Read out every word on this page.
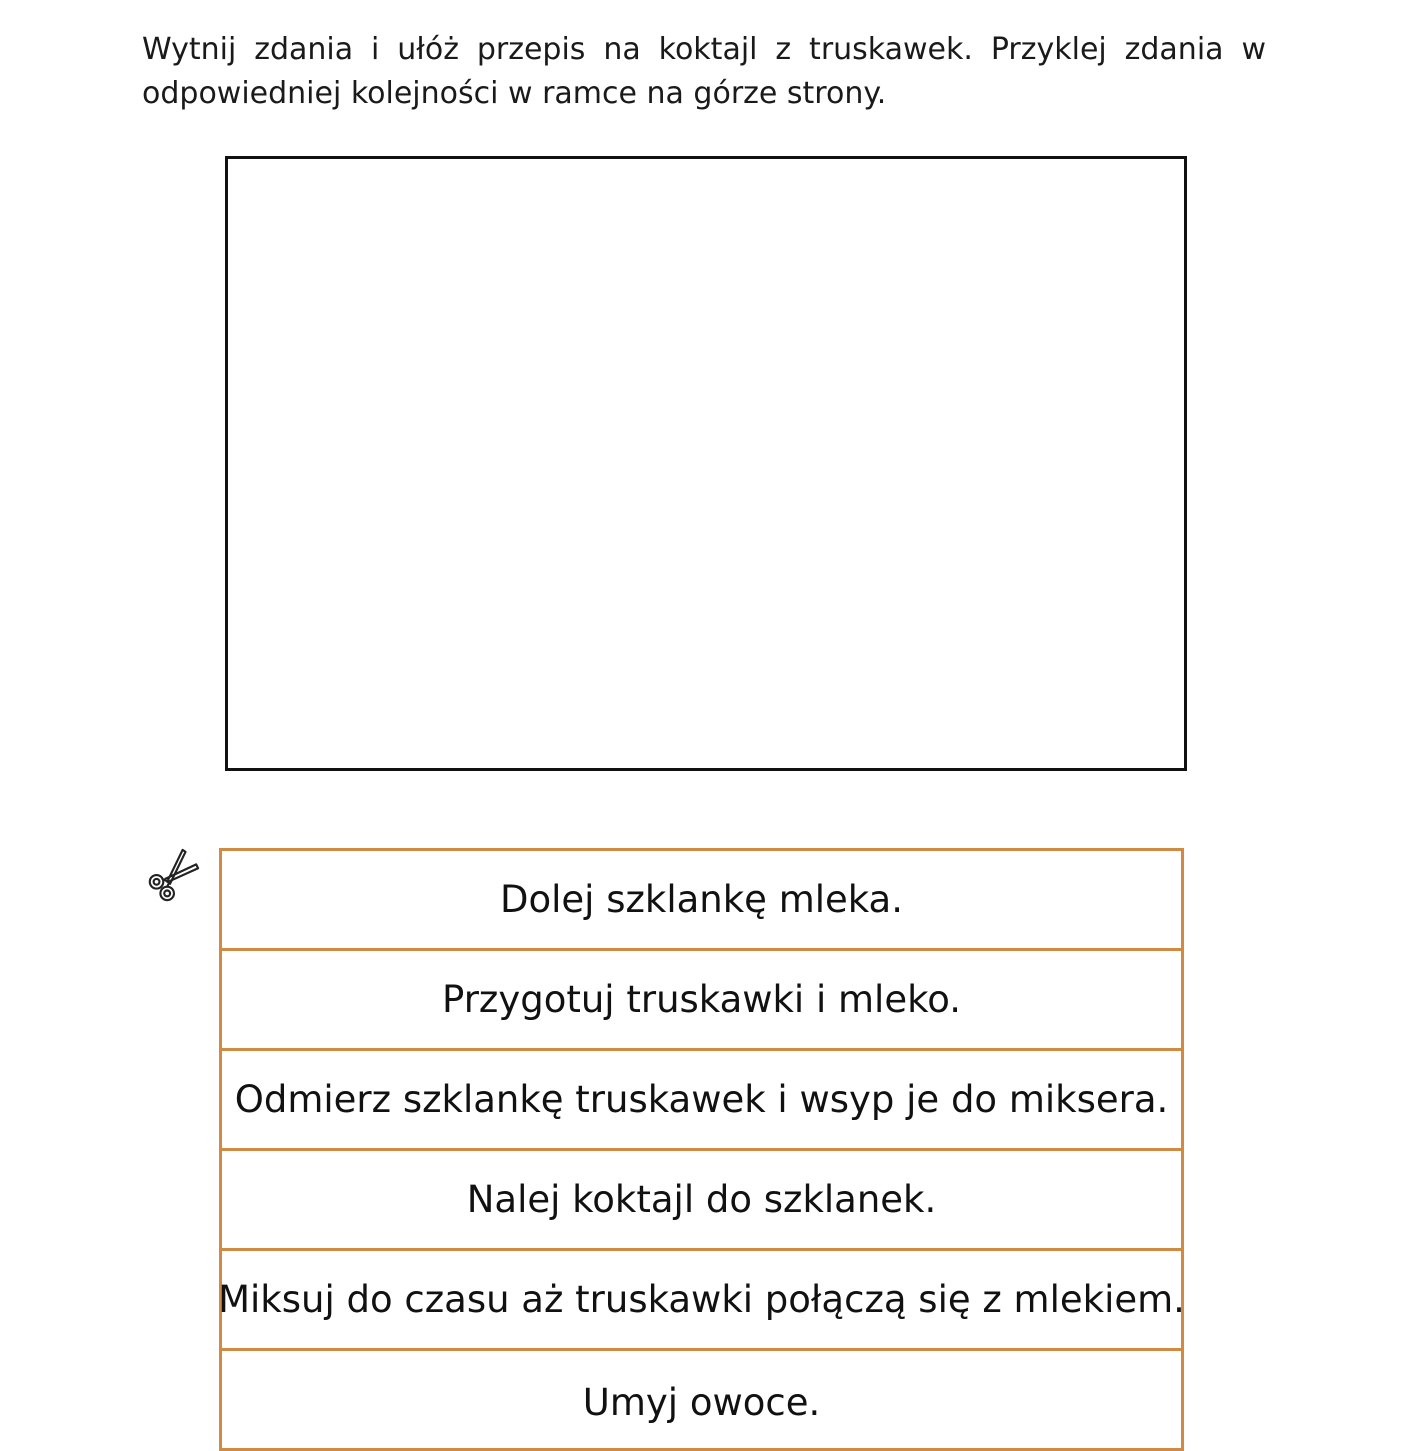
Wytnij zdania i ułóż przepis na koktajl z truskawek. Przyklej zdania w odpowiedniej kolejności w ramce na górze strony.

Dolej szklankę mleka.
Przygotuj truskawki i mleko.
Odmierz szklankę truskawek i wsyp je do miksera.
Nalej koktajl do szklanek.
Miksuj do czasu aż truskawki połączą się z mlekiem.
Umyj owoce.
